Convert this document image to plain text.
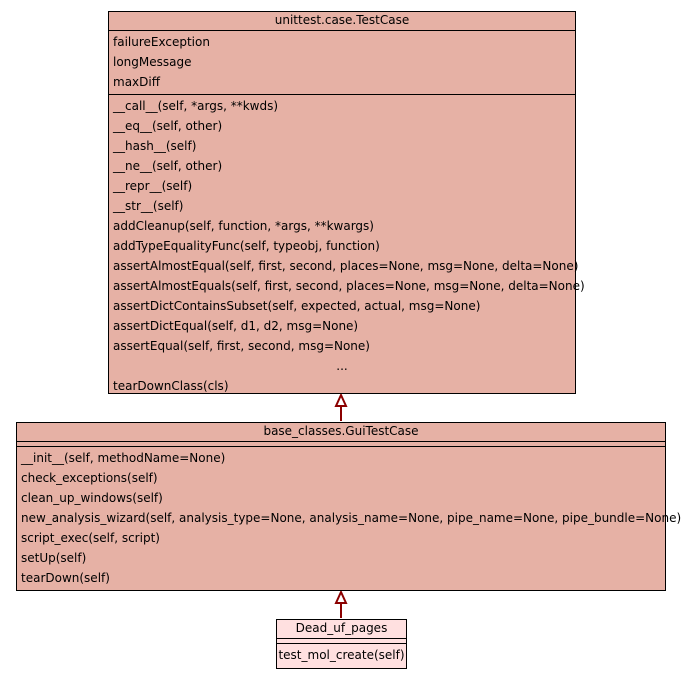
unittest.case.TestCase
failureException
longMessage
maxDiff
__call__(self, *args, **kwds)
__eq__(self, other)
__hash__(self)
__ne__(self, other)
__repr__(self)
__str__(self)
addCleanup(self, function, *args, **kwargs)
addTypeEqualityFunc(self, typeobj, function)
assertAlmostEqual(self, first, second, places=None, msg=None, delta=None)
assertAlmostEquals(self, first, second, places=None, msg=None, delta=None)
assertDictContainsSubset(self, expected, actual, msg=None)
assertDictEqual(self, d1, d2, msg=None)
assertEqual(self, first, second, msg=None)
...
tearDownClass(cls)
base_classes.GuiTestCase
__init__(self, methodName=None)
check_exceptions(self)
clean_up_windows(self)
new_analysis_wizard(self, analysis_type=None, analysis_name=None, pipe_name=None, pipe_bundle=None)
script_exec(self, script)
setUp(self)
tearDown(self)
Dead_uf_pages
test_mol_create(self)
